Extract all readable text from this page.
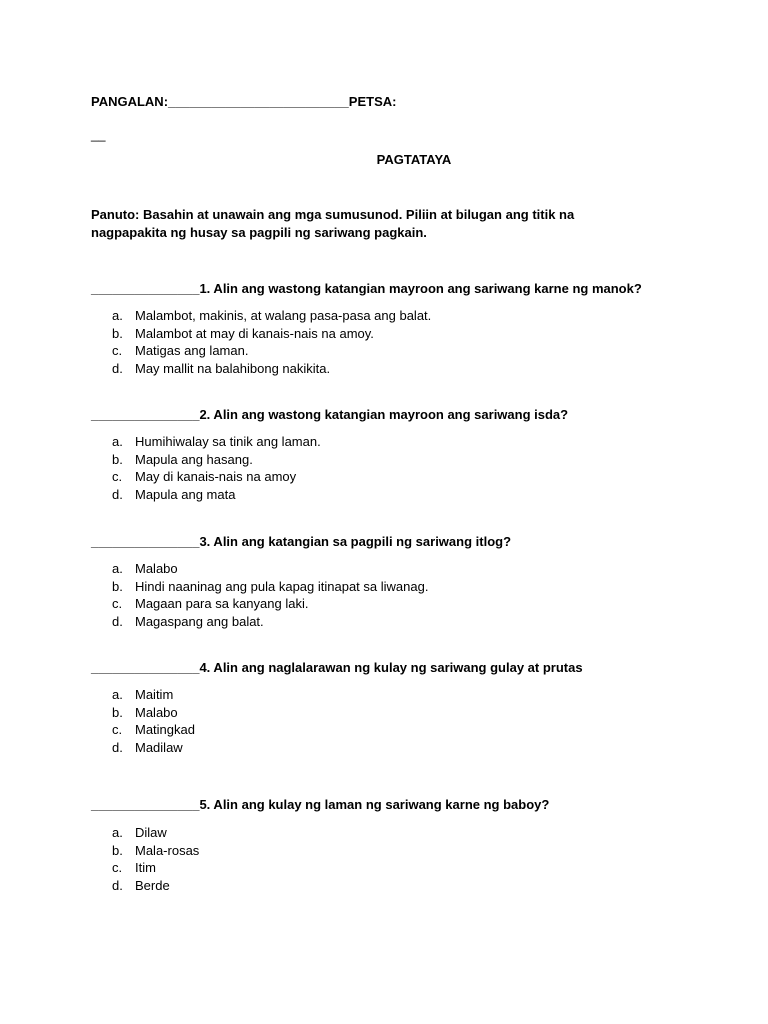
PANGALAN:_________________________PETSA:
__
PAGTATAYA
Panuto: Basahin at unawain ang mga sumusunod. Piliin at bilugan ang titik na nagpapakita ng husay sa pagpili ng sariwang pagkain.
_______________1. Alin ang wastong katangian mayroon ang sariwang karne ng manok?
a. Malambot, makinis, at walang pasa-pasa ang balat.
b. Malambot at may di kanais-nais na amoy.
c. Matigas ang laman.
d. May mallit na balahibong nakikita.
_______________2. Alin ang wastong katangian mayroon ang sariwang isda?
a. Humihiwalay sa tinik ang laman.
b. Mapula ang hasang.
c. May di kanais-nais na amoy
d. Mapula ang mata
_______________3. Alin ang katangian sa pagpili ng sariwang itlog?
a. Malabo
b. Hindi naaninag ang pula kapag itinapat sa liwanag.
c. Magaan para sa kanyang laki.
d. Magaspang ang balat.
_______________4. Alin ang naglalarawan ng kulay ng sariwang gulay at prutas
a. Maitim
b. Malabo
c. Matingkad
d. Madilaw
_______________5. Alin ang kulay ng laman ng sariwang karne ng baboy?
a. Dilaw
b. Mala-rosas
c. Itim
d. Berde
